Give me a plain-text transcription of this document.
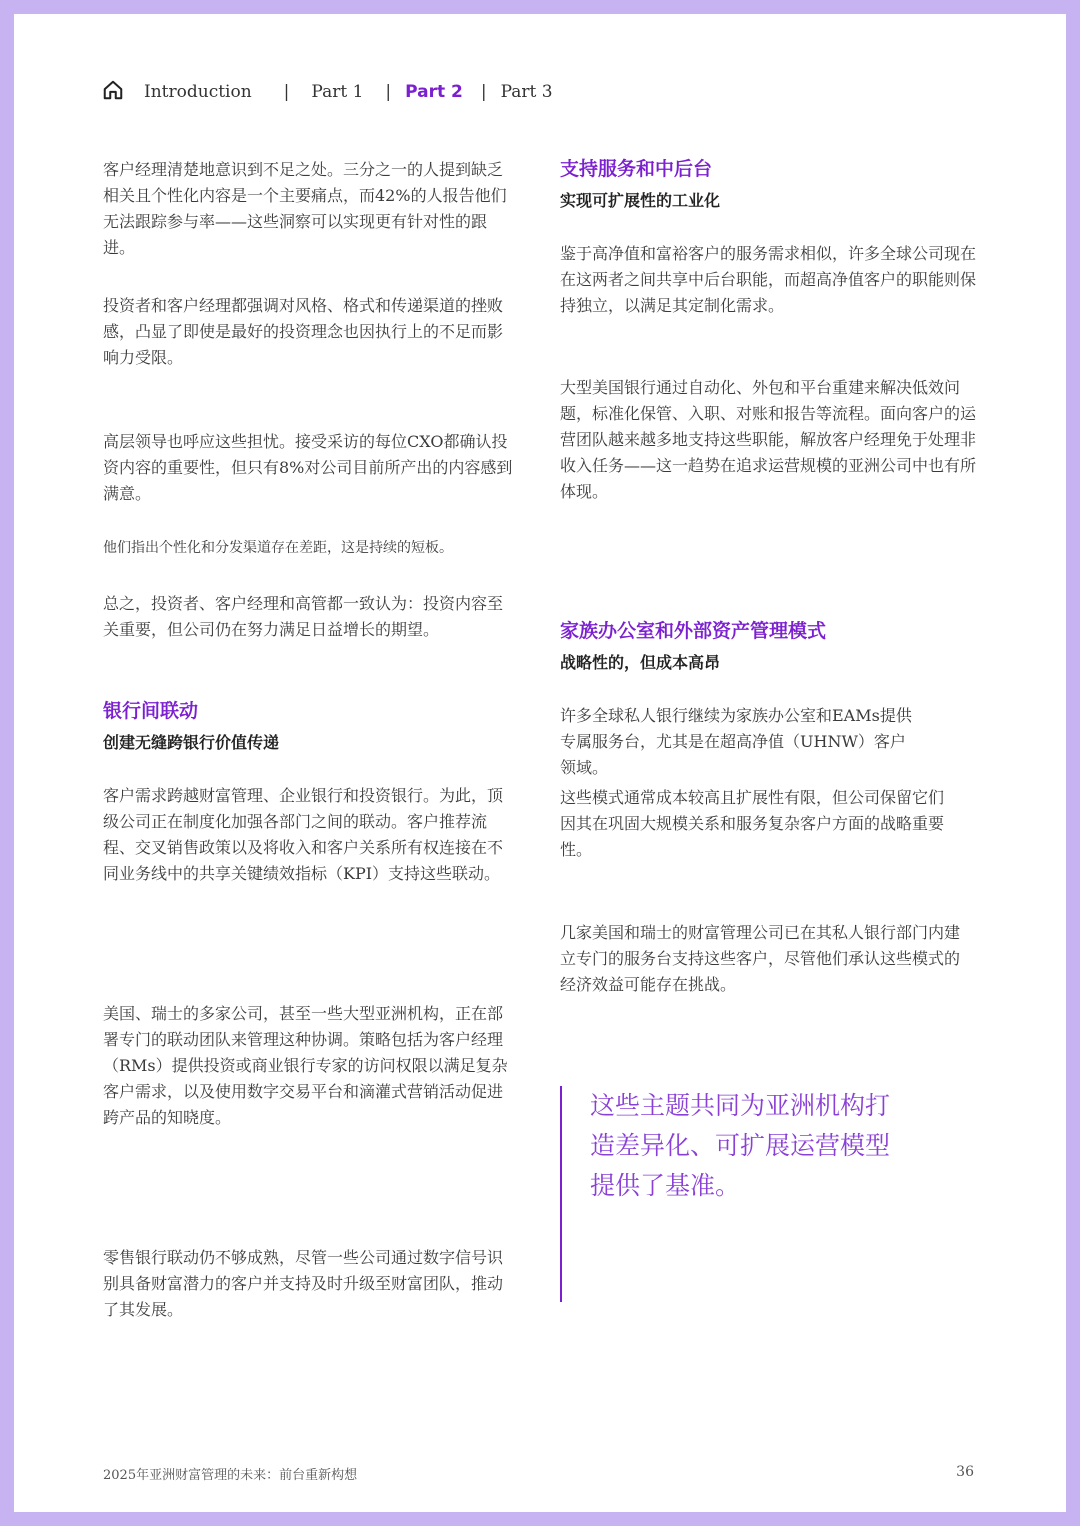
Introduction | Part 1 | Part 2 | Part 3

客户经理清楚地意识到不足之处。三分之一的人提到缺乏相关且个性化内容是一个主要痛点，而42%的人报告他们无法跟踪参与率——这些洞察可以实现更有针对性的跟进。

投资者和客户经理都强调对风格、格式和传递渠道的挫败感，凸显了即使是最好的投资理念也因执行上的不足而影响力受限。

高层领导也呼应这些担忧。接受采访的每位CXO都确认投资内容的重要性，但只有8%对公司目前所产出的内容感到满意。

他们指出个性化和分发渠道存在差距，这是持续的短板。

总之，投资者、客户经理和高管都一致认为：投资内容至关重要，但公司仍在努力满足日益增长的期望。

银行间联动
创建无缝跨银行价值传递

客户需求跨越财富管理、企业银行和投资银行。为此，顶级公司正在制度化加强各部门之间的联动。客户推荐流程、交叉销售政策以及将收入和客户关系所有权连接在不同业务线中的共享关键绩效指标（KPI）支持这些联动。

美国、瑞士的多家公司，甚至一些大型亚洲机构，正在部署专门的联动团队来管理这种协调。策略包括为客户经理（RMs）提供投资或商业银行专家的访问权限以满足复杂客户需求，以及使用数字交易平台和滴灌式营销活动促进跨产品的知晓度。

零售银行联动仍不够成熟，尽管一些公司通过数字信号识别具备财富潜力的客户并支持及时升级至财富团队，推动了其发展。

支持服务和中后台
实现可扩展性的工业化

鉴于高净值和富裕客户的服务需求相似，许多全球公司现在在这两者之间共享中后台职能，而超高净值客户的职能则保持独立，以满足其定制化需求。

大型美国银行通过自动化、外包和平台重建来解决低效问题，标准化保管、入职、对账和报告等流程。面向客户的运营团队越来越多地支持这些职能，解放客户经理免于处理非收入任务——这一趋势在追求运营规模的亚洲公司中也有所体现。

家族办公室和外部资产管理模式
战略性的，但成本高昂

许多全球私人银行继续为家族办公室和EAMs提供专属服务台，尤其是在超高净值（UHNW）客户领域。

这些模式通常成本较高且扩展性有限，但公司保留它们因其在巩固大规模关系和服务复杂客户方面的战略重要性。

几家美国和瑞士的财富管理公司已在其私人银行部门内建立专门的服务台支持这些客户，尽管他们承认这些模式的经济效益可能存在挑战。

这些主题共同为亚洲机构打造差异化、可扩展运营模型提供了基准。
2025年亚洲财富管理的未来：前台重新构想	36
